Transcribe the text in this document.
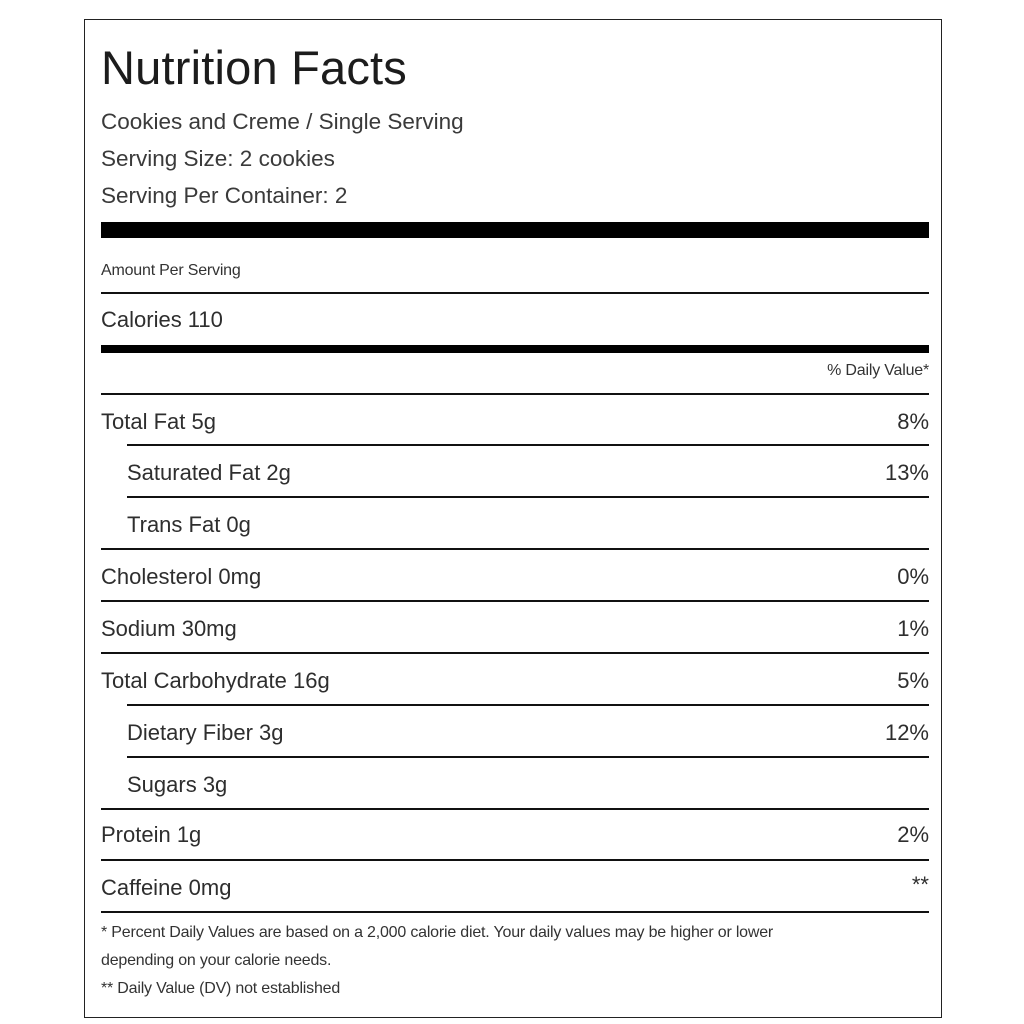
Nutrition Facts
Cookies and Creme / Single Serving
Serving Size: 2 cookies
Serving Per Container: 2
Amount Per Serving
Calories 110
% Daily Value*
Total Fat 5g	8%
Saturated Fat 2g	13%
Trans Fat 0g
Cholesterol 0mg	0%
Sodium 30mg	1%
Total Carbohydrate 16g	5%
Dietary Fiber 3g	12%
Sugars 3g
Protein 1g	2%
Caffeine 0mg	**
* Percent Daily Values are based on a 2,000 calorie diet. Your daily values may be higher or lower
depending on your calorie needs.
** Daily Value (DV) not established
